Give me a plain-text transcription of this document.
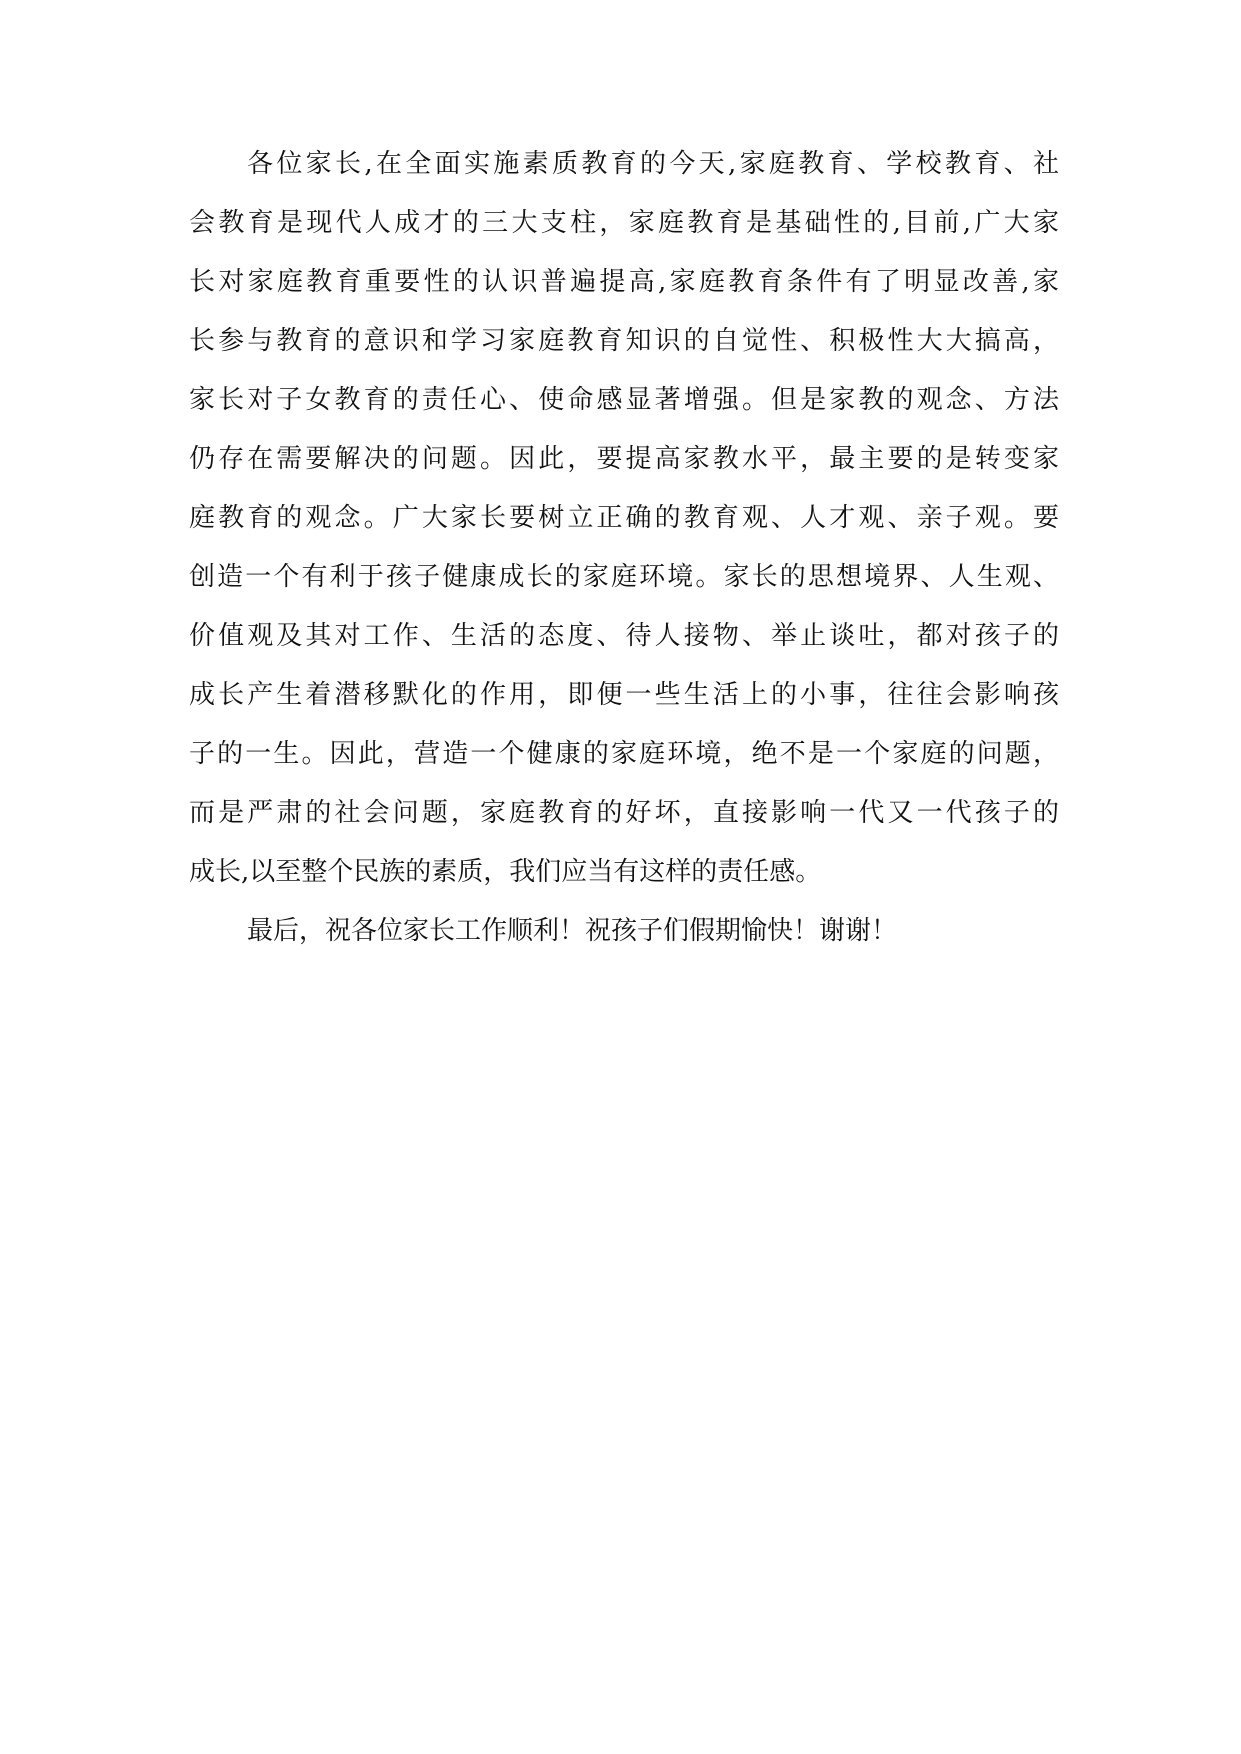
各位家长,在全面实施素质教育的今天,家庭教育、学校教育、社
会教育是现代人成才的三大支柱，家庭教育是基础性的,目前,广大家
长对家庭教育重要性的认识普遍提高,家庭教育条件有了明显改善,家
长参与教育的意识和学习家庭教育知识的自觉性、积极性大大搞高，
家长对子女教育的责任心、使命感显著增强。但是家教的观念、方法
仍存在需要解决的问题。因此，要提高家教水平，最主要的是转变家
庭教育的观念。广大家长要树立正确的教育观、人才观、亲子观。要
创造一个有利于孩子健康成长的家庭环境。家长的思想境界、人生观、
价值观及其对工作、生活的态度、待人接物、举止谈吐，都对孩子的
成长产生着潜移默化的作用，即便一些生活上的小事，往往会影响孩
子的一生。因此，营造一个健康的家庭环境，绝不是一个家庭的问题，
而是严肃的社会问题，家庭教育的好坏，直接影响一代又一代孩子的
成长,以至整个民族的素质，我们应当有这样的责任感。
最后，祝各位家长工作顺利！祝孩子们假期愉快！谢谢！
